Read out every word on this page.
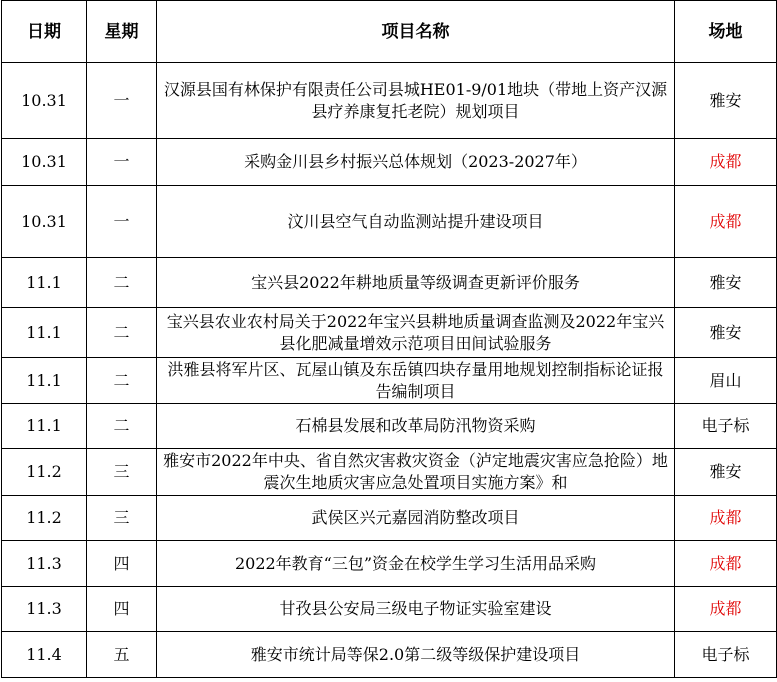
日期	星期	项目名称	场地
10.31	一	汉源县国有林保护有限责任公司县城HE01-9/01地块（带地上资产汉源县疗养康复托老院）规划项目	雅安
10.31	一	采购金川县乡村振兴总体规划（2023-2027年）	成都
10.31	一	汶川县空气自动监测站提升建设项目	成都
11.1	二	宝兴县2022年耕地质量等级调查更新评价服务	雅安
11.1	二	宝兴县农业农村局关于2022年宝兴县耕地质量调查监测及2022年宝兴县化肥减量增效示范项目田间试验服务	雅安
11.1	二	洪雅县将军片区、瓦屋山镇及东岳镇四块存量用地规划控制指标论证报告编制项目	眉山
11.1	二	石棉县发展和改革局防汛物资采购	电子标
11.2	三	雅安市2022年中央、省自然灾害救灾资金（泸定地震灾害应急抢险）地震次生地质灾害应急处置项目实施方案》和	雅安
11.2	三	武侯区兴元嘉园消防整改项目	成都
11.3	四	2022年教育“三包”资金在校学生学习生活用品采购	成都
11.3	四	甘孜县公安局三级电子物证实验室建设	成都
11.4	五	雅安市统计局等保2.0第二级等级保护建设项目	电子标
